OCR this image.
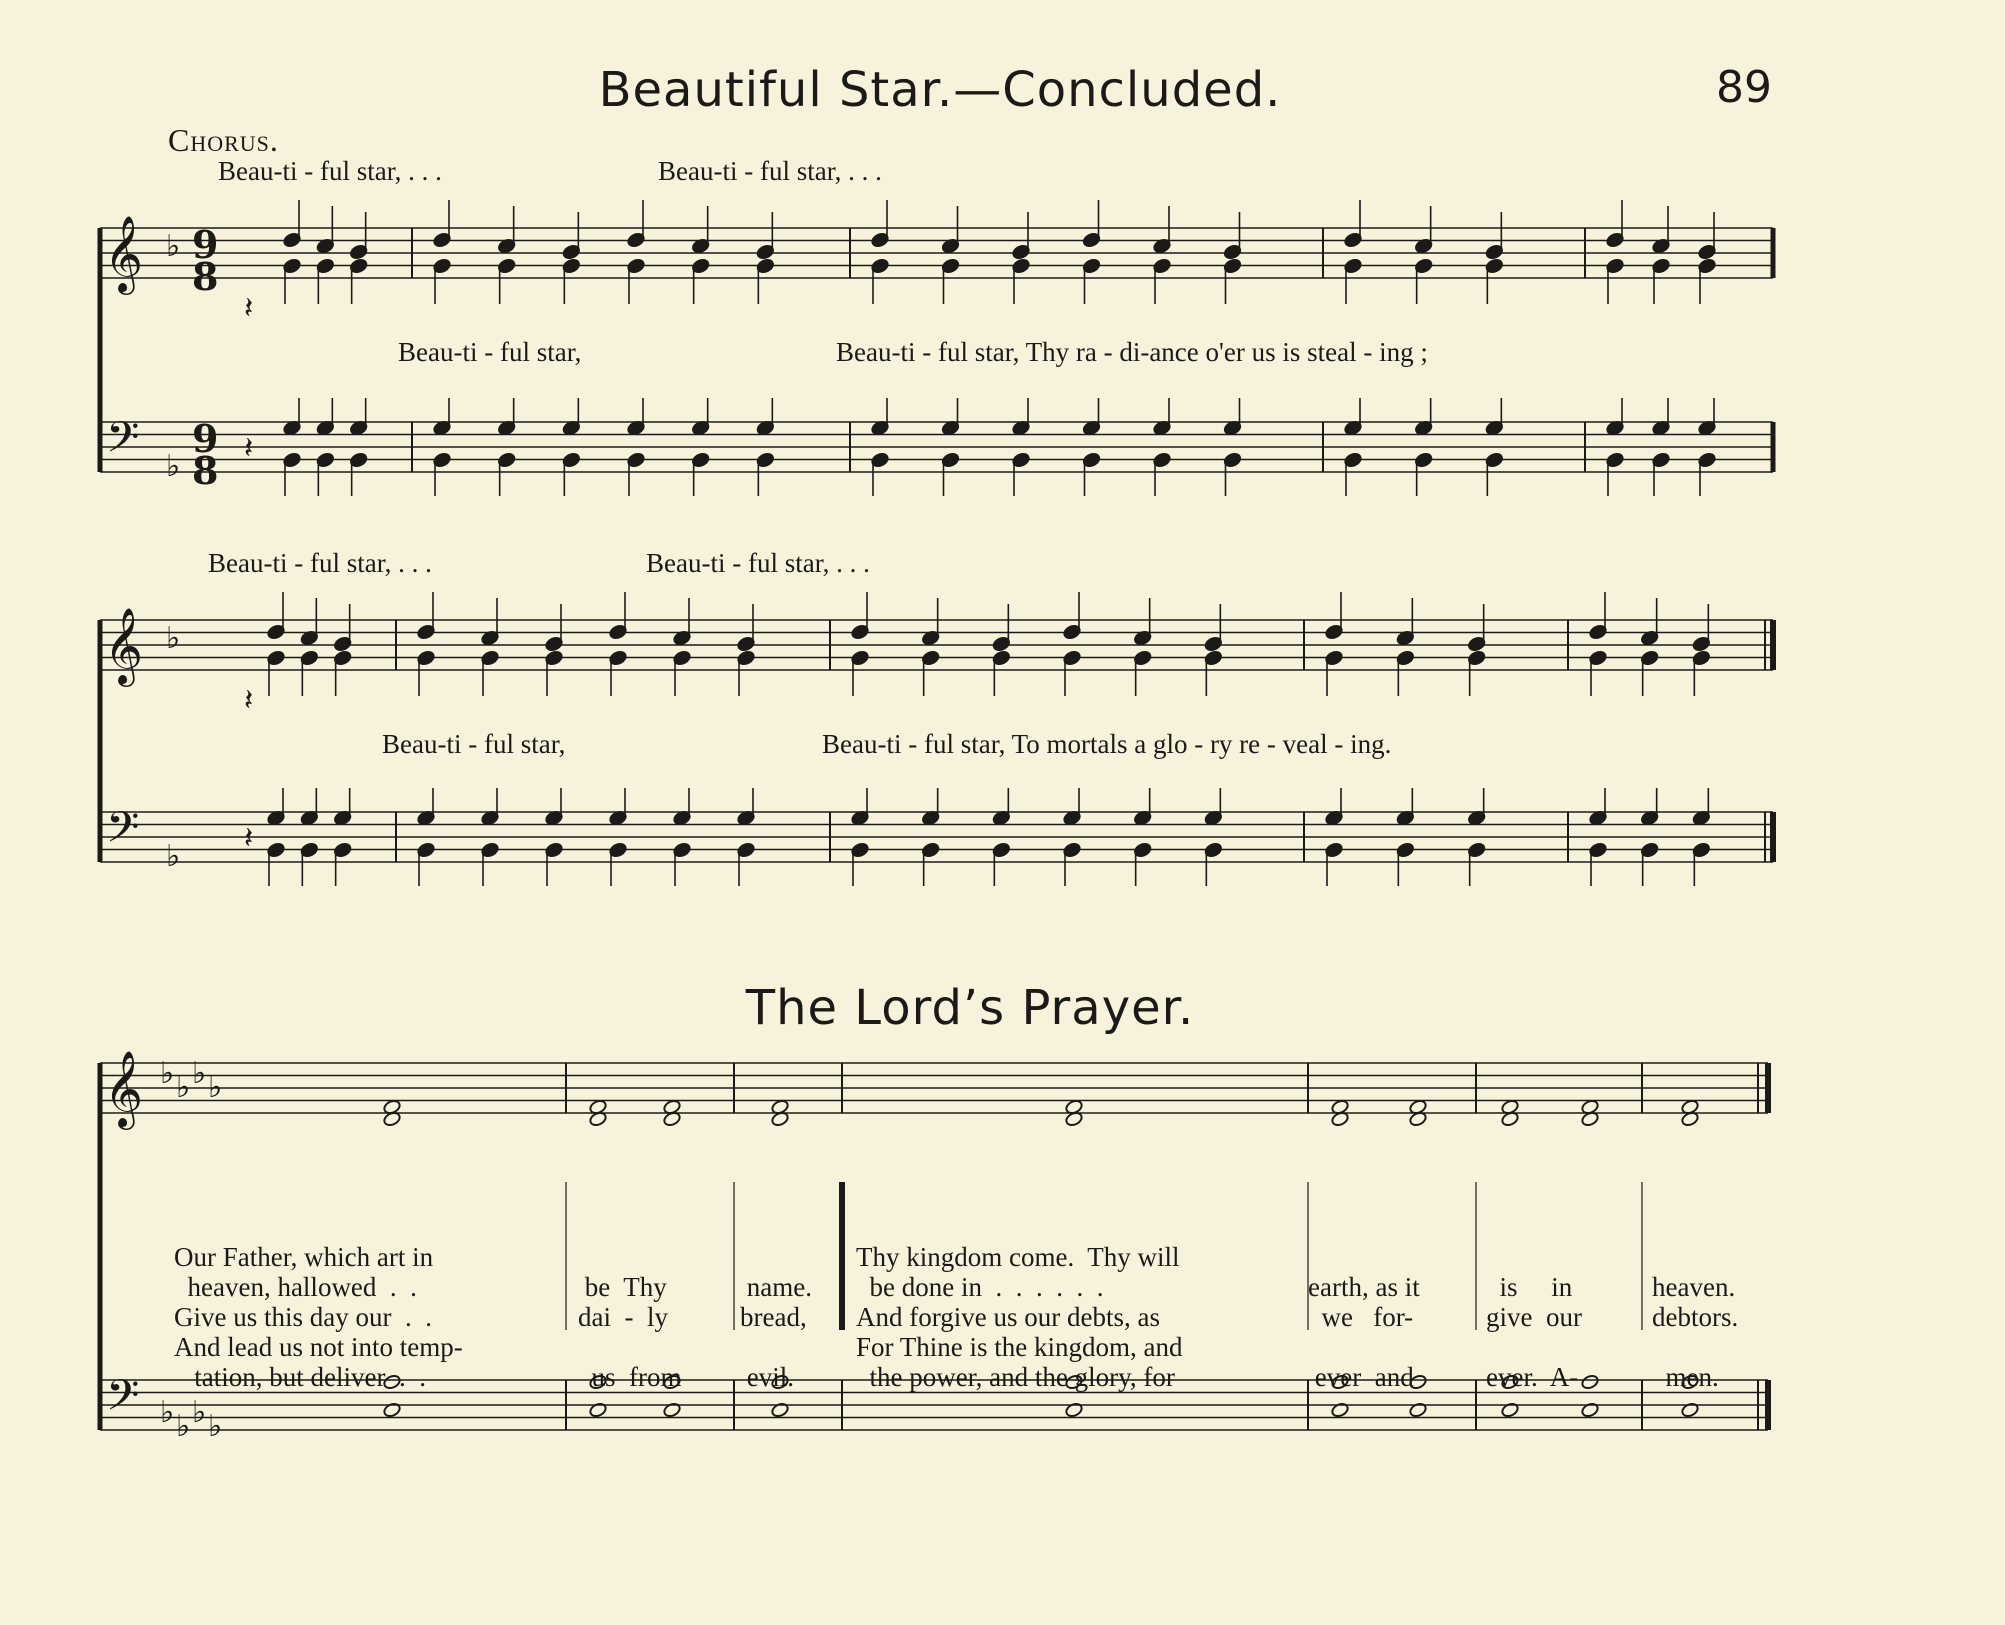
Beautiful Star.—Concluded.	89
Chorus.
Beau-ti - ful star, . . .	Beau-ti - ful star, . . .
Beau-ti - ful star,	Beau-ti - ful star, Thy ra - di-ance o'er us is steal - ing ;
Beau-ti - ful star, . . .	Beau-ti - ful star, . . .
Beau-ti - ful star,	Beau-ti - ful star, To mortals a glo - ry re - veal - ing.
The Lord’s Prayer.

Our Father, which art in
heaven, hallowed  .  .
Give us this day our  .  .
And lead us not into temp-
tation, but deliver  .  .

be  Thy
dai  -  ly
us  from

name.
bread,
evil.

Thy kingdom come.  Thy will
be done in  .  .  .  .  .  .
And forgive us our debts, as
For Thine is the kingdom, and
the power, and the glory, for

earth, as it
we   for-
ever  and

is     in
give  our
ever.  A-

heaven.
debtors.
men.

𝄞
𝄢
♭
♭
9
8
9
8
𝄽
𝄽
𝄞
𝄢
♭
♭
𝄽
𝄽
𝄞
𝄢
♭ ♭ ♭ ♭
♭ ♭ ♭ ♭
